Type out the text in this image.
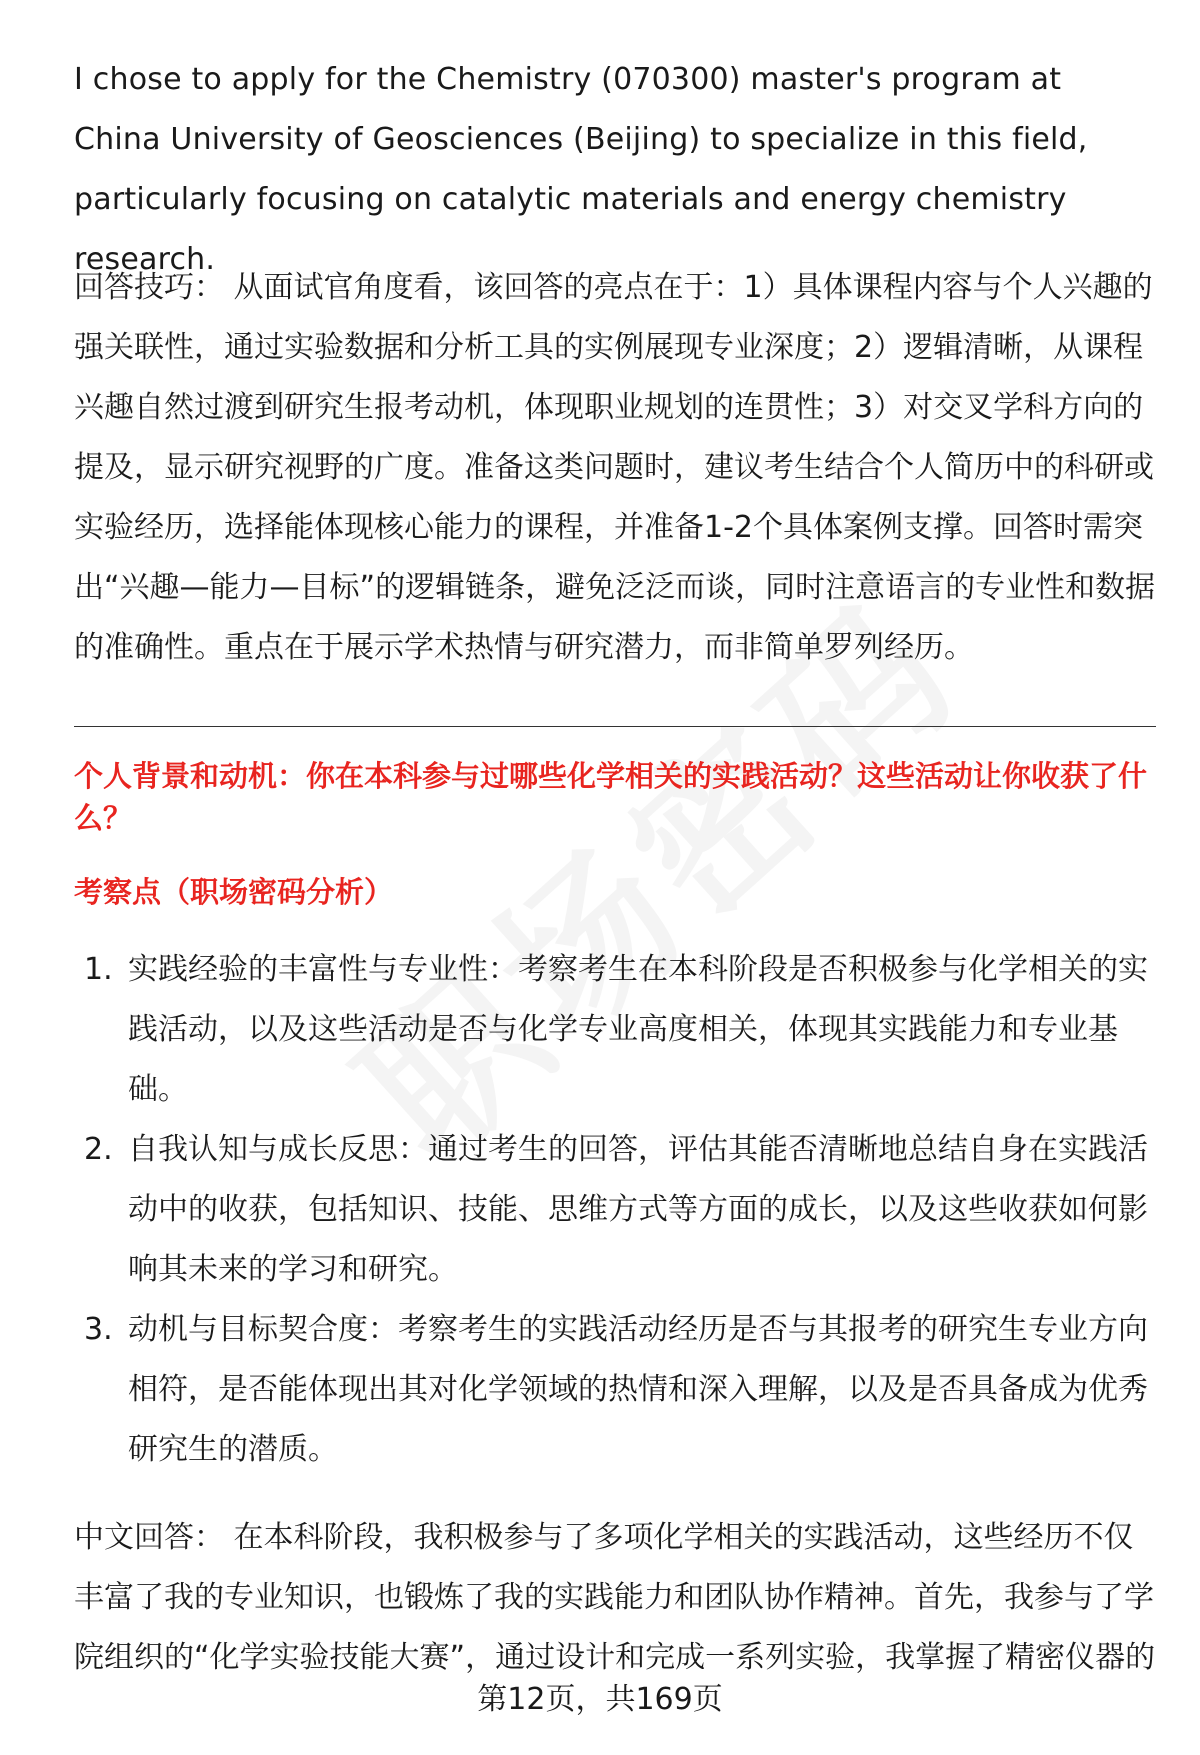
I chose to apply for the Chemistry (070300) master's program at China University of Geosciences (Beijing) to specialize in this field, particularly focusing on catalytic materials and energy chemistry research.

回答技巧： 从面试官角度看，该回答的亮点在于：1）具体课程内容与个人兴趣的强关联性，通过实验数据和分析工具的实例展现专业深度；2）逻辑清晰，从课程兴趣自然过渡到研究生报考动机，体现职业规划的连贯性；3）对交叉学科方向的提及，显示研究视野的广度。准备这类问题时，建议考生结合个人简历中的科研或实验经历，选择能体现核心能力的课程，并准备1-2个具体案例支撑。回答时需突出“兴趣—能力—目标”的逻辑链条，避免泛泛而谈，同时注意语言的专业性和数据的准确性。重点在于展示学术热情与研究潜力，而非简单罗列经历。

个人背景和动机：你在本科参与过哪些化学相关的实践活动？这些活动让你收获了什么？
考察点（职场密码分析）
1. 实践经验的丰富性与专业性：考察考生在本科阶段是否积极参与化学相关的实践活动，以及这些活动是否与化学专业高度相关，体现其实践能力和专业基础。
2. 自我认知与成长反思：通过考生的回答，评估其能否清晰地总结自身在实践活动中的收获，包括知识、技能、思维方式等方面的成长，以及这些收获如何影响其未来的学习和研究。
3. 动机与目标契合度：考察考生的实践活动经历是否与其报考的研究生专业方向相符，是否能体现出其对化学领域的热情和深入理解，以及是否具备成为优秀研究生的潜质。

中文回答： 在本科阶段，我积极参与了多项化学相关的实践活动，这些经历不仅丰富了我的专业知识，也锻炼了我的实践能力和团队协作精神。首先，我参与了学院组织的“化学实验技能大赛”，通过设计和完成一系列实验，我掌握了精密仪器的

第12页，共169页
